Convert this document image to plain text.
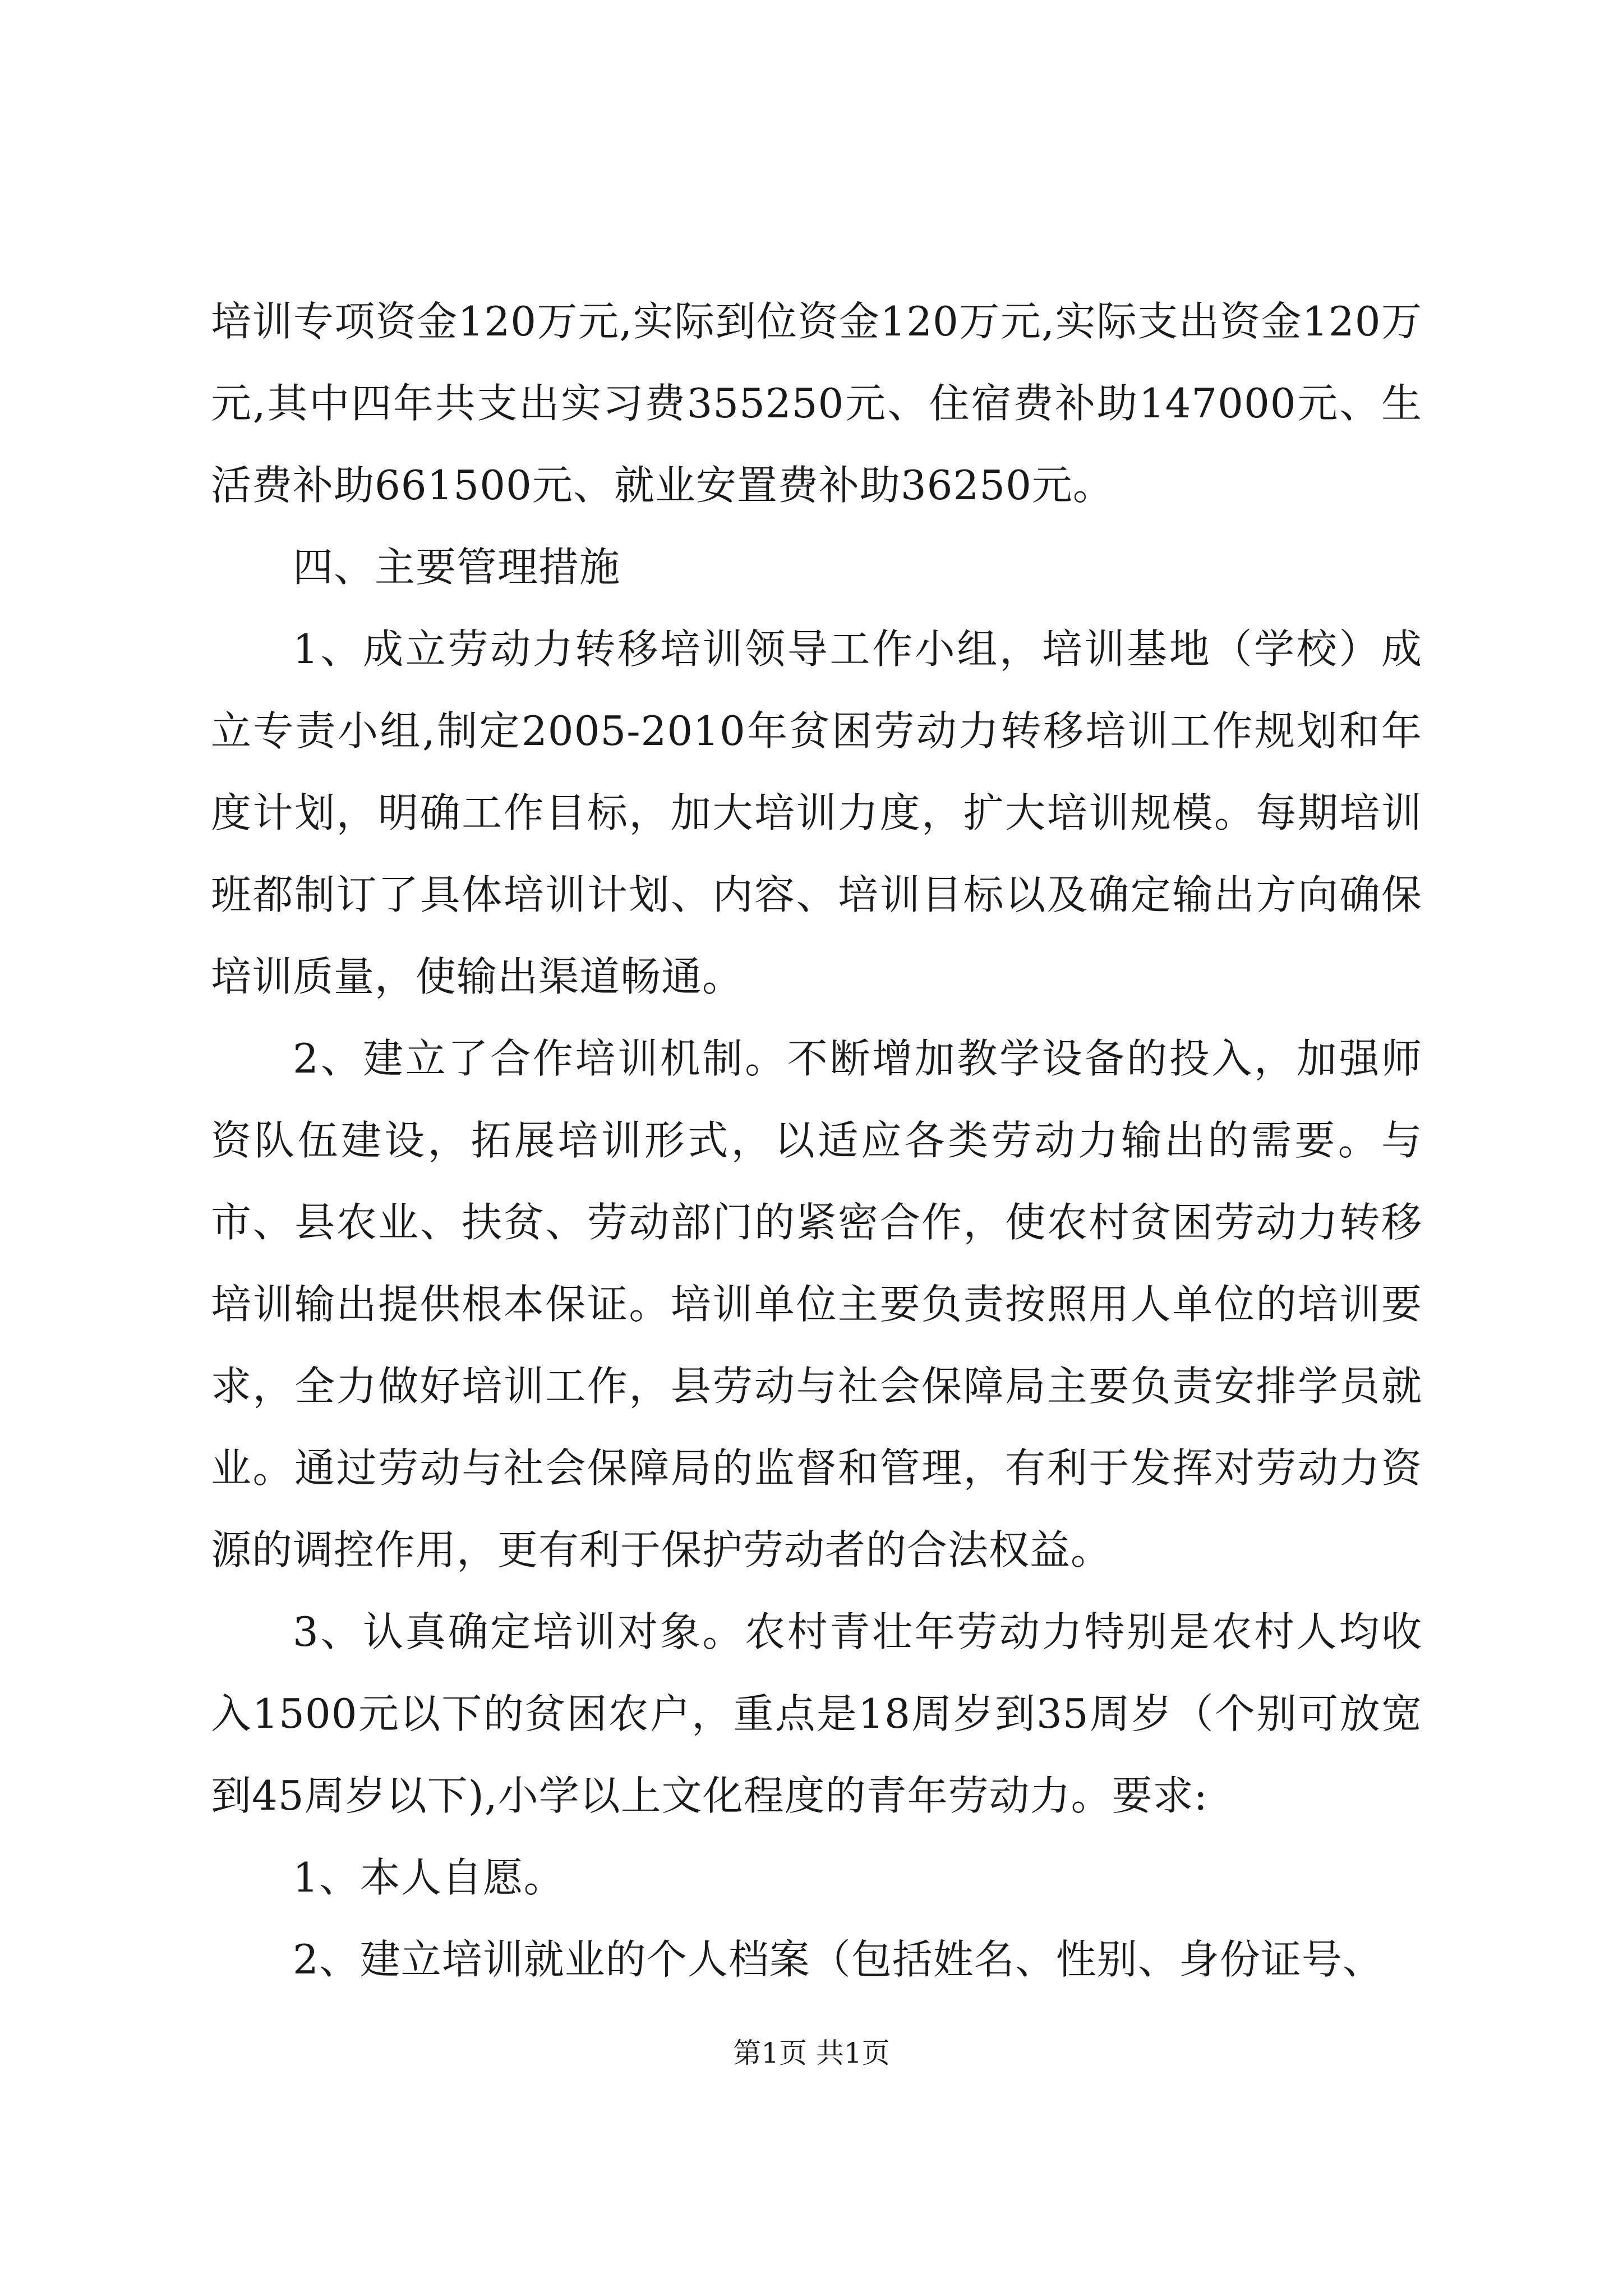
培训专项资金120万元,实际到位资金120万元,实际支出资金120万元,其中四年共支出实习费355250元、住宿费补助147000元、生活费补助661500元、就业安置费补助36250元。

四、主要管理措施

1、成立劳动力转移培训领导工作小组，培训基地（学校）成立专责小组,制定2005-2010年贫困劳动力转移培训工作规划和年度计划，明确工作目标，加大培训力度，扩大培训规模。每期培训班都制订了具体培训计划、内容、培训目标以及确定输出方向确保培训质量，使输出渠道畅通。

2、建立了合作培训机制。不断增加教学设备的投入，加强师资队伍建设，拓展培训形式，以适应各类劳动力输出的需要。与市、县农业、扶贫、劳动部门的紧密合作，使农村贫困劳动力转移培训输出提供根本保证。培训单位主要负责按照用人单位的培训要求，全力做好培训工作，县劳动与社会保障局主要负责安排学员就业。通过劳动与社会保障局的监督和管理，有利于发挥对劳动力资源的调控作用，更有利于保护劳动者的合法权益。

3、认真确定培训对象。农村青壮年劳动力特别是农村人均收入1500元以下的贫困农户，重点是18周岁到35周岁（个别可放宽到45周岁以下),小学以上文化程度的青年劳动力。要求:

1、本人自愿。

2、建立培训就业的个人档案（包括姓名、性别、身份证号、

第1页 共1页
